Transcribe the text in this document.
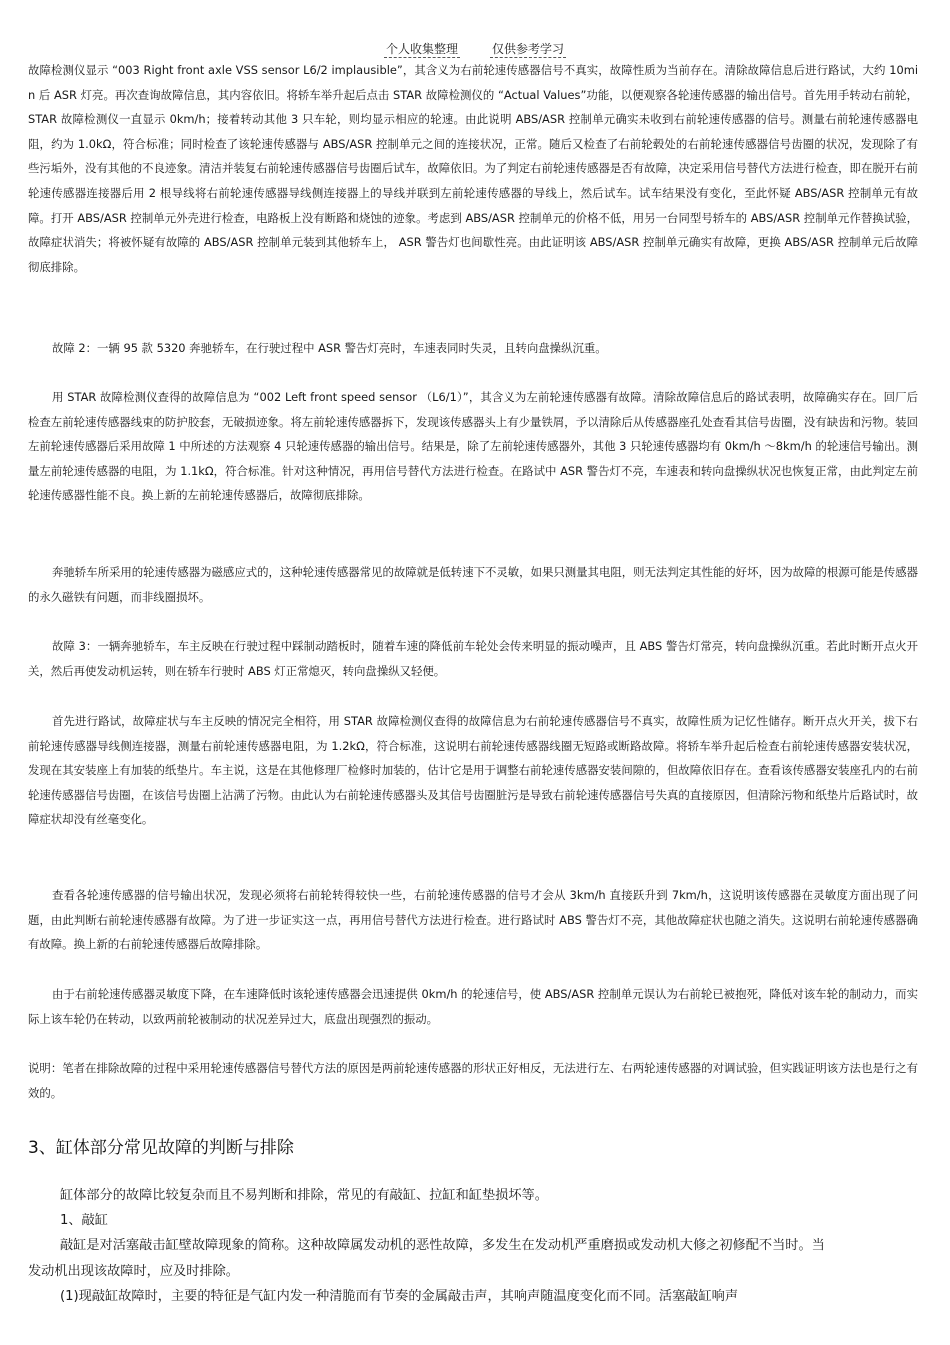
个人收集整理	仅供参考学习

故障检测仪显示 “003 Right front axle VSS sensor L6/2 implausible”，其含义为右前轮速传感器信号不真实，故障性质为当前存在。清除故障信息后进行路试，大约 10min 后 ASR 灯亮。再次查询故障信息，其内容依旧。将轿车举升起后点击 STAR 故障检测仪的 “Actual Values”功能，以便观察各轮速传感器的输出信号。首先用手转动右前轮， STAR 故障检测仪一直显示 0km/h；接着转动其他 3 只车轮，则均显示相应的轮速。由此说明 ABS/ASR 控制单元确实未收到右前轮速传感器的信号。测量右前轮速传感器电阻，约为 1.0kΩ，符合标准；同时检查了该轮速传感器与 ABS/ASR 控制单元之间的连接状况，正常。随后又检查了右前轮毂处的右前轮速传感器信号齿圈的状况，发现除了有些污垢外，没有其他的不良迹象。清洁并装复右前轮速传感器信号齿圈后试车，故障依旧。为了判定右前轮速传感器是否有故障，决定采用信号替代方法进行检查，即在脱开右前轮速传感器连接器后用 2 根导线将右前轮速传感器导线侧连接器上的导线并联到左前轮速传感器的导线上，然后试车。试车结果没有变化，至此怀疑 ABS/ASR 控制单元有故障。打开 ABS/ASR 控制单元外壳进行检查，电路板上没有断路和烧蚀的迹象。考虑到 ABS/ASR 控制单元的价格不低，用另一台同型号轿车的 ABS/ASR 控制单元作替换试验，故障症状消失；将被怀疑有故障的 ABS/ASR 控制单元装到其他轿车上， ASR 警告灯也间歇性亮。由此证明该 ABS/ASR 控制单元确实有故障，更换 ABS/ASR 控制单元后故障彻底排除。

故障 2：一辆 95 款 5320 奔驰轿车，在行驶过程中 ASR 警告灯亮时，车速表同时失灵，且转向盘操纵沉重。

用 STAR 故障检测仪查得的故障信息为 “002 Left front speed sensor （L6/1）”，其含义为左前轮速传感器有故障。清除故障信息后的路试表明，故障确实存在。回厂后检查左前轮速传感器线束的防护胶套，无破损迹象。将左前轮速传感器拆下，发现该传感器头上有少量铁屑，予以清除后从传感器座孔处查看其信号齿圈，没有缺齿和污物。装回左前轮速传感器后采用故障 1 中所述的方法观察 4 只轮速传感器的输出信号。结果是，除了左前轮速传感器外，其他 3 只轮速传感器均有 0km/h ～8km/h 的轮速信号输出。测量左前轮速传感器的电阻，为 1.1kΩ，符合标准。针对这种情况，再用信号替代方法进行检查。在路试中 ASR 警告灯不亮，车速表和转向盘操纵状况也恢复正常，由此判定左前轮速传感器性能不良。换上新的左前轮速传感器后，故障彻底排除。

奔驰轿车所采用的轮速传感器为磁感应式的，这种轮速传感器常见的故障就是低转速下不灵敏，如果只测量其电阻，则无法判定其性能的好坏，因为故障的根源可能是传感器的永久磁铁有问题，而非线圈损坏。

故障 3：一辆奔驰轿车，车主反映在行驶过程中踩制动踏板时，随着车速的降低前车轮处会传来明显的振动噪声，且 ABS 警告灯常亮，转向盘操纵沉重。若此时断开点火开关，然后再使发动机运转，则在轿车行驶时 ABS 灯正常熄灭，转向盘操纵又轻便。

首先进行路试，故障症状与车主反映的情况完全相符，用 STAR 故障检测仪查得的故障信息为右前轮速传感器信号不真实，故障性质为记忆性储存。断开点火开关，拔下右前轮速传感器导线侧连接器，测量右前轮速传感器电阻，为 1.2kΩ，符合标准，这说明右前轮速传感器线圈无短路或断路故障。将轿车举升起后检查右前轮速传感器安装状况，发现在其安装座上有加装的纸垫片。车主说，这是在其他修理厂检修时加装的，估计它是用于调整右前轮速传感器安装间隙的，但故障依旧存在。查看该传感器安装座孔内的右前轮速传感器信号齿圈，在该信号齿圈上沾满了污物。由此认为右前轮速传感器头及其信号齿圈脏污是导致右前轮速传感器信号失真的直接原因，但清除污物和纸垫片后路试时，故障症状却没有丝毫变化。

查看各轮速传感器的信号输出状况，发现必须将右前轮转得较快一些，右前轮速传感器的信号才会从 3km/h 直接跃升到 7km/h，这说明该传感器在灵敏度方面出现了问题，由此判断右前轮速传感器有故障。为了进一步证实这一点，再用信号替代方法进行检查。进行路试时 ABS 警告灯不亮，其他故障症状也随之消失。这说明右前轮速传感器确有故障。换上新的右前轮速传感器后故障排除。

由于右前轮速传感器灵敏度下降，在车速降低时该轮速传感器会迅速提供 0km/h 的轮速信号，使 ABS/ASR 控制单元误认为右前轮已被抱死，降低对该车轮的制动力，而实际上该车轮仍在转动，以致两前轮被制动的状况差异过大，底盘出现强烈的振动。

说明：笔者在排除故障的过程中采用轮速传感器信号替代方法的原因是两前轮速传感器的形状正好相反，无法进行左、右两轮速传感器的对调试验，但实践证明该方法也是行之有效的。

3、缸体部分常见故障的判断与排除

缸体部分的故障比较复杂而且不易判断和排除，常见的有敲缸、拉缸和缸垫损坏等。

1、敲缸

敲缸是对活塞敲击缸壁故障现象的简称。这种故障属发动机的恶性故障，多发生在发动机严重磨损或发动机大修之初修配不当时。当发动机出现该故障时，应及时排除。

(1)现敲缸故障时，主要的特征是气缸内发一种清脆而有节奏的金属敲击声，其响声随温度变化而不同。活塞敲缸响声
